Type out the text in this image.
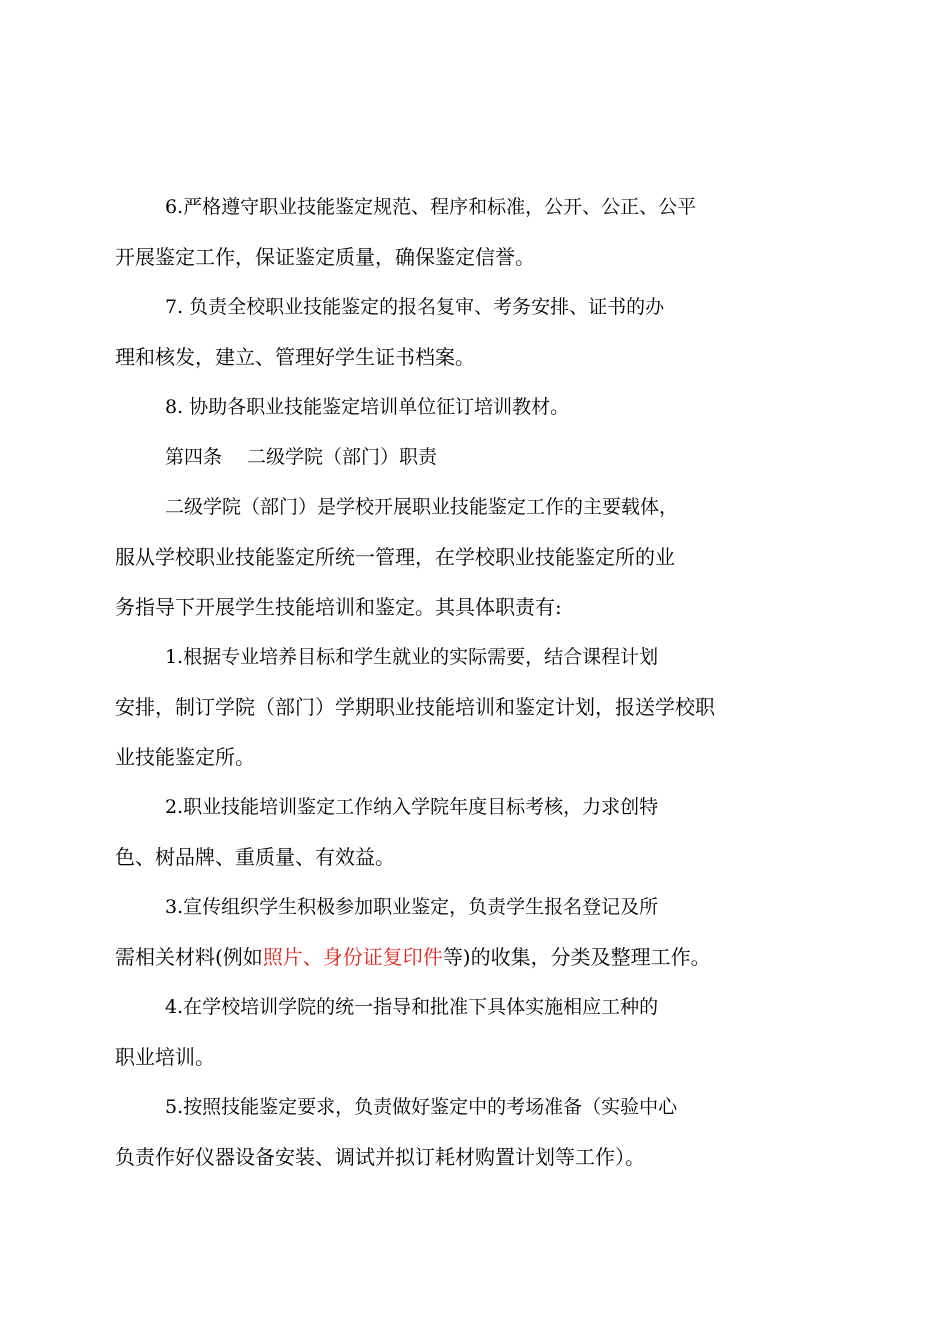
6.严格遵守职业技能鉴定规范、程序和标准，公开、公正、公平
开展鉴定工作，保证鉴定质量，确保鉴定信誉。
7. 负责全校职业技能鉴定的报名复审、考务安排、证书的办
理和核发，建立、管理好学生证书档案。
8. 协助各职业技能鉴定培训单位征订培训教材。
第四条　 二级学院（部门）职责
二级学院（部门）是学校开展职业技能鉴定工作的主要载体，
服从学校职业技能鉴定所统一管理，在学校职业技能鉴定所的业
务指导下开展学生技能培训和鉴定。其具体职责有:
1.根据专业培养目标和学生就业的实际需要，结合课程计划
安排，制订学院（部门）学期职业技能培训和鉴定计划，报送学校职
业技能鉴定所。
2.职业技能培训鉴定工作纳入学院年度目标考核，力求创特
色、树品牌、重质量、有效益。
3.宣传组织学生积极参加职业鉴定，负责学生报名登记及所
需相关材料(例如照片、身份证复印件等)的收集，分类及整理工作。
4.在学校培训学院的统一指导和批准下具体实施相应工种的
职业培训。
5.按照技能鉴定要求，负责做好鉴定中的考场准备（实验中心
负责作好仪器设备安装、调试并拟订耗材购置计划等工作）。
